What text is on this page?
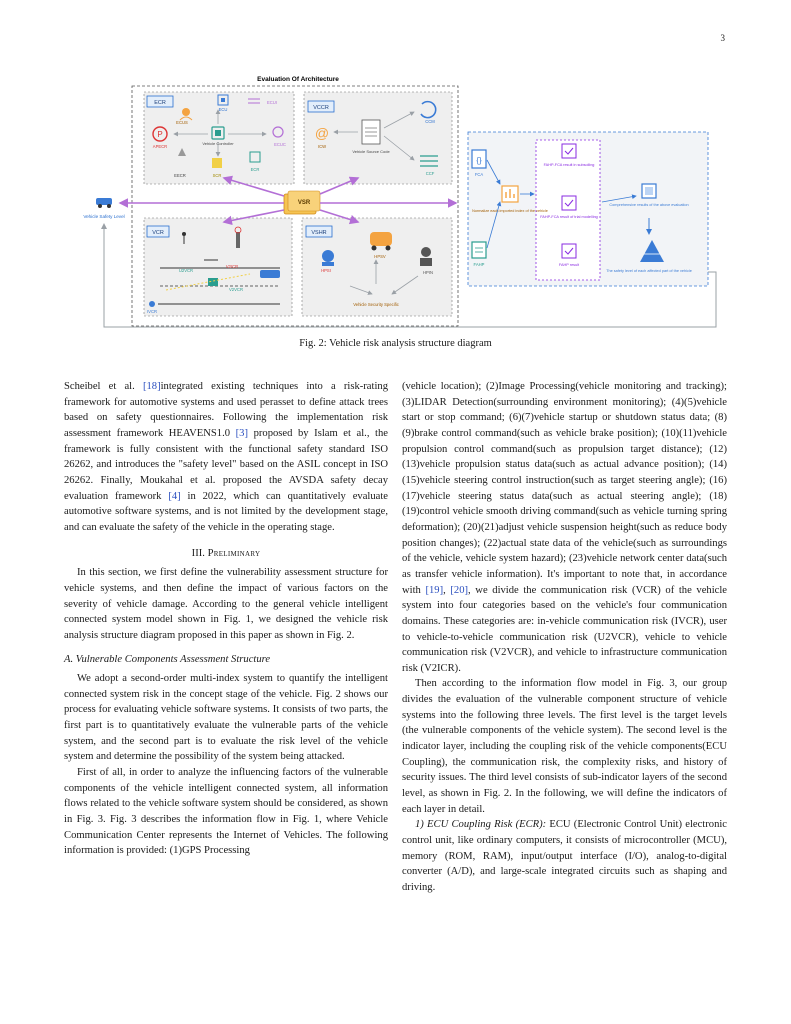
3
Evaluation Of Architecture
ECR
VCCR
VCR	VSHR
VSR
Vehicle Safety Level
P
ECUS
ECU
ECUI
APECR
Vehicle Controller	ECUC
EECR	SCR
ECR
@
ICW
Vehicle Source Code
CCM
CCF
U2VCR
V2ICR
V2VCR
IVCR
HPSI
HPSV
HPIN
Vehicle Security Specific
{}
FCA
Normalize each imported index of the vehicle
FAHP
FAHP-FCA result in subsoiling
FAHP-FCA result of trial modelling
FAHP result
Comprehensive results of the above evaluation
The safety level of each affected part of the vehicle
Fig. 2: Vehicle risk analysis structure diagram

Scheibel et al. [18]integrated existing techniques into a risk-rating framework for automotive systems and used perasset to define attack trees based on safety questionnaires. Following the implementation risk assessment framework HEAVENS1.0 [3] proposed by Islam et al., the framework is fully consistent with the functional safety standard ISO 26262, and introduces the "safety level" based on the ASIL concept in ISO 26262. Finally, Moukahal et al. proposed the AVSDA safety decay evaluation framework [4] in 2022, which can quantitatively evaluate automotive software systems, and is not limited by the development stage, and can evaluate the safety of the vehicle in the operating stage.

III. Preliminary

In this section, we first define the vulnerability assessment structure for vehicle systems, and then define the impact of various factors on the severity of vehicle damage. According to the general vehicle intelligent connected system model shown in Fig. 1, we designed the vehicle risk analysis structure diagram proposed in this paper as shown in Fig. 2.

A. Vulnerable Components Assessment Structure

We adopt a second-order multi-index system to quantify the intelligent connected system risk in the concept stage of the vehicle. Fig. 2 shows our process for evaluating vehicle software systems. It consists of two parts, the first part is to quantitatively evaluate the vulnerable parts of the vehicle system, and the second part is to evaluate the risk level of the vehicle system and determine the possibility of the system being attacked.

First of all, in order to analyze the influencing factors of the vulnerable components of the vehicle intelligent connected system, all information flows related to the vehicle software system should be considered, as shown in Fig. 3. Fig. 3 describes the information flow in Fig. 1, where Vehicle Communication Center represents the Internet of Vehicles. The following information is provided: (1)GPS Processing

(vehicle location); (2)Image Processing(vehicle monitoring and tracking); (3)LIDAR Detection(surrounding environment monitoring); (4)(5)vehicle start or stop command; (6)(7)vehicle startup or shutdown status data; (8)(9)brake control command(such as vehicle brake position); (10)(11)vehicle propulsion control command(such as propulsion target distance); (12)(13)vehicle propulsion status data(such as actual advance position); (14)(15)vehicle steering control instruction(such as target steering angle); (16)(17)vehicle steering status data(such as actual steering angle); (18)(19)control vehicle smooth driving command(such as vehicle turning spring deformation); (20)(21)adjust vehicle suspension height(such as reduce body position changes); (22)actual state data of the vehicle(such as surroundings of the vehicle, vehicle system hazard); (23)vehicle network center data(such as transfer vehicle information). It's important to note that, in accordance with [19], [20], we divide the communication risk (VCR) of the vehicle system into four categories based on the vehicle's four communication domains. These categories are: in-vehicle communication risk (IVCR), user to vehicle-to-vehicle communication risk (U2VCR), vehicle to vehicle communication risk (V2VCR), and vehicle to infrastructure communication risk (V2ICR).

Then according to the information flow model in Fig. 3, our group divides the evaluation of the vulnerable component structure of vehicle systems into the following three levels. The first level is the target levels (the vulnerable components of the vehicle system). The second level is the indicator layer, including the coupling risk of the vehicle components(ECU Coupling), the communication risk, the complexity risks, and history of security issues. The third level consists of sub-indicator layers of the second level, as shown in Fig. 2. In the following, we will define the indicators of each layer in detail.

1) ECU Coupling Risk (ECR): ECU (Electronic Control Unit) electronic control unit, like ordinary computers, it consists of microcontroller (MCU), memory (ROM, RAM), input/output interface (I/O), analog-to-digital converter (A/D), and large-scale integrated circuits such as shaping and driving.
